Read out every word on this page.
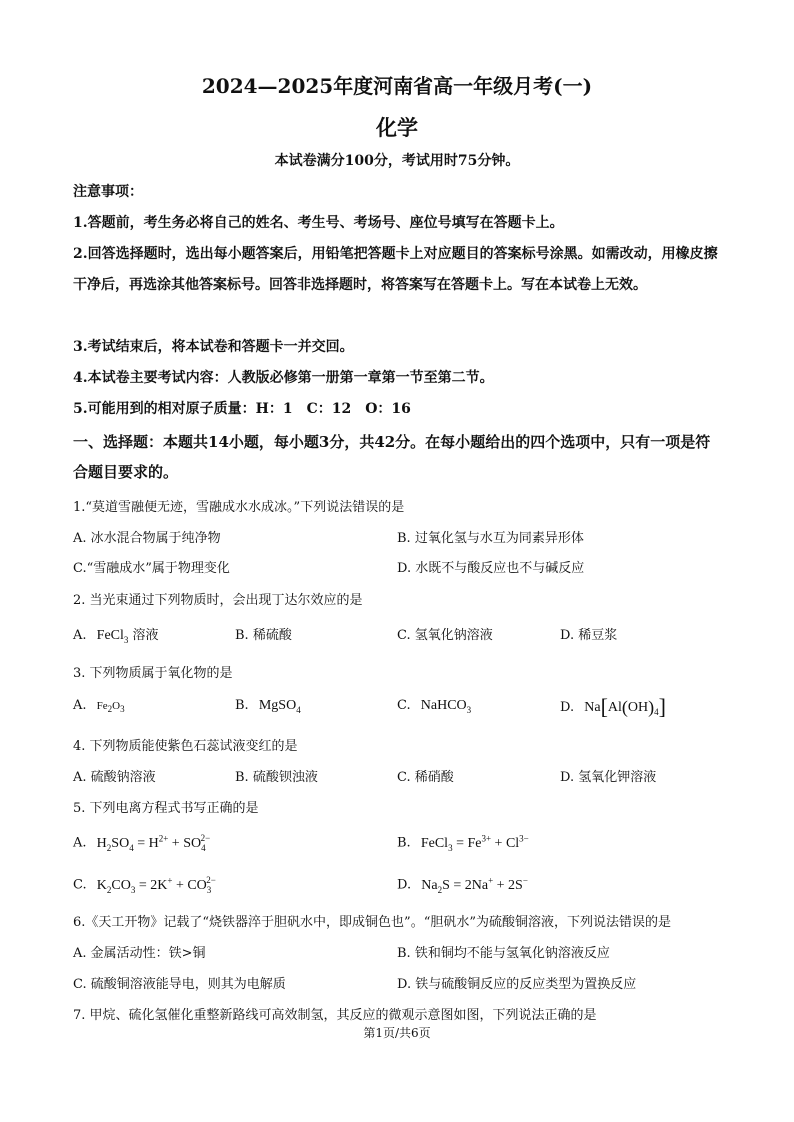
2024—2025年度河南省高一年级月考(一)
化学
本试卷满分100分，考试用时75分钟。
注意事项：
1.答题前，考生务必将自己的姓名、考生号、考场号、座位号填写在答题卡上。
2.回答选择题时，选出每小题答案后，用铅笔把答题卡上对应题目的答案标号涂黑。如需改动，用橡皮擦干净后，再选涂其他答案标号。回答非选择题时，将答案写在答题卡上。写在本试卷上无效。
3.考试结束后，将本试卷和答题卡一并交回。
4.本试卷主要考试内容：人教版必修第一册第一章第一节至第二节。
5.可能用到的相对原子质量：H：1　C：12　O：16
一、选择题：本题共14小题，每小题3分，共42分。在每小题给出的四个选项中，只有一项是符合题目要求的。
1.“莫道雪融便无迹，雪融成水水成冰。”下列说法错误的是
A. 冰水混合物属于纯净物	B. 过氧化氢与水互为同素异形体
C.“雪融成水”属于物理变化	D. 水既不与酸反应也不与碱反应
2. 当光束通过下列物质时，会出现丁达尔效应的是
A. FeCl$_3$ 溶液	B. 稀硫酸	C. 氢氧化钠溶液	D. 稀豆浆
3. 下列物质属于氧化物的是
A. $Fe_2O_3$	B. MgSO$_4$	C. NaHCO$_3$	D. $Na[Al(OH)_4]$
4. 下列物质能使紫色石蕊试液变红的是
A. 硫酸钠溶液	B. 硫酸钡浊液	C. 稀硝酸	D. 氢氧化钾溶液
5. 下列电离方程式书写正确的是
A. $H_2SO_4 = H^{2+} + SO_4^{2-}$	B. FeCl$_3$ = $Fe^{3+} + Cl^{3-}$
C. $K_2CO_3 = 2K^+ + CO_3^{2-}$	D. $Na_2S = 2Na^+ + 2S^-$
6.《天工开物》记载了“烧铁器淬于胆矾水中，即成铜色也”。“胆矾水”为硫酸铜溶液，下列说法错误的是
A. 金属活动性：铁>铜	B. 铁和铜均不能与氢氧化钠溶液反应
C. 硫酸铜溶液能导电，则其为电解质	D. 铁与硫酸铜反应的反应类型为置换反应
7. 甲烷、硫化氢催化重整新路线可高效制氢，其反应的微观示意图如图，下列说法正确的是
第1页/共6页
